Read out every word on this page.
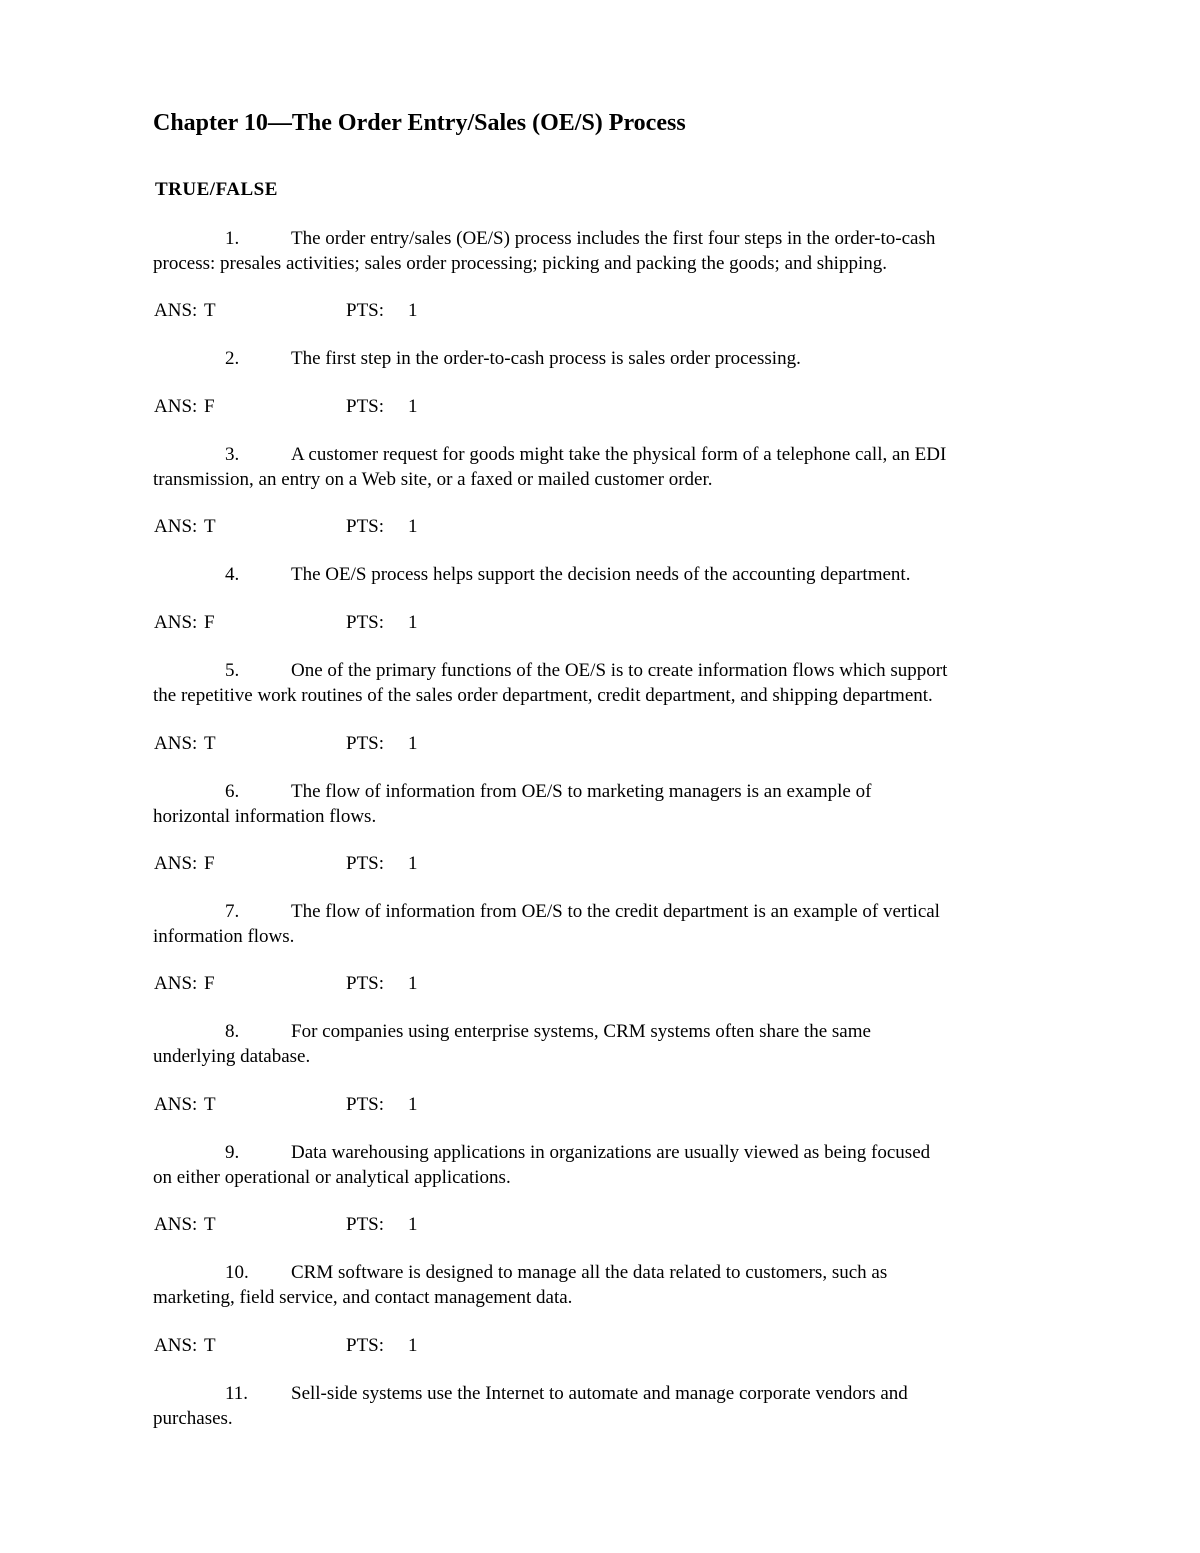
Chapter 10—The Order Entry/Sales (OE/S) Process
TRUE/FALSE

1.	The order entry/sales (OE/S) process includes the first four steps in the order-to-cash
process: presales activities; sales order processing; picking and packing the goods; and shipping.

ANS: T	PTS: 1

2.	The first step in the order-to-cash process is sales order processing.

ANS: F	PTS: 1

3.	A customer request for goods might take the physical form of a telephone call, an EDI
transmission, an entry on a Web site, or a faxed or mailed customer order.

ANS: T	PTS: 1

4.	The OE/S process helps support the decision needs of the accounting department.

ANS: F	PTS: 1

5.	One of the primary functions of the OE/S is to create information flows which support
the repetitive work routines of the sales order department, credit department, and shipping department.

ANS: T	PTS: 1

6.	The flow of information from OE/S to marketing managers is an example of
horizontal information flows.

ANS: F	PTS: 1

7.	The flow of information from OE/S to the credit department is an example of vertical
information flows.

ANS: F	PTS: 1

8.	For companies using enterprise systems, CRM systems often share the same
underlying database.

ANS: T	PTS: 1

9.	Data warehousing applications in organizations are usually viewed as being focused
on either operational or analytical applications.

ANS: T	PTS: 1

10. CRM software is designed to manage all the data related to customers, such as
marketing, field service, and contact management data.

ANS: T	PTS: 1

11. Sell-side systems use the Internet to automate and manage corporate vendors and
purchases.
